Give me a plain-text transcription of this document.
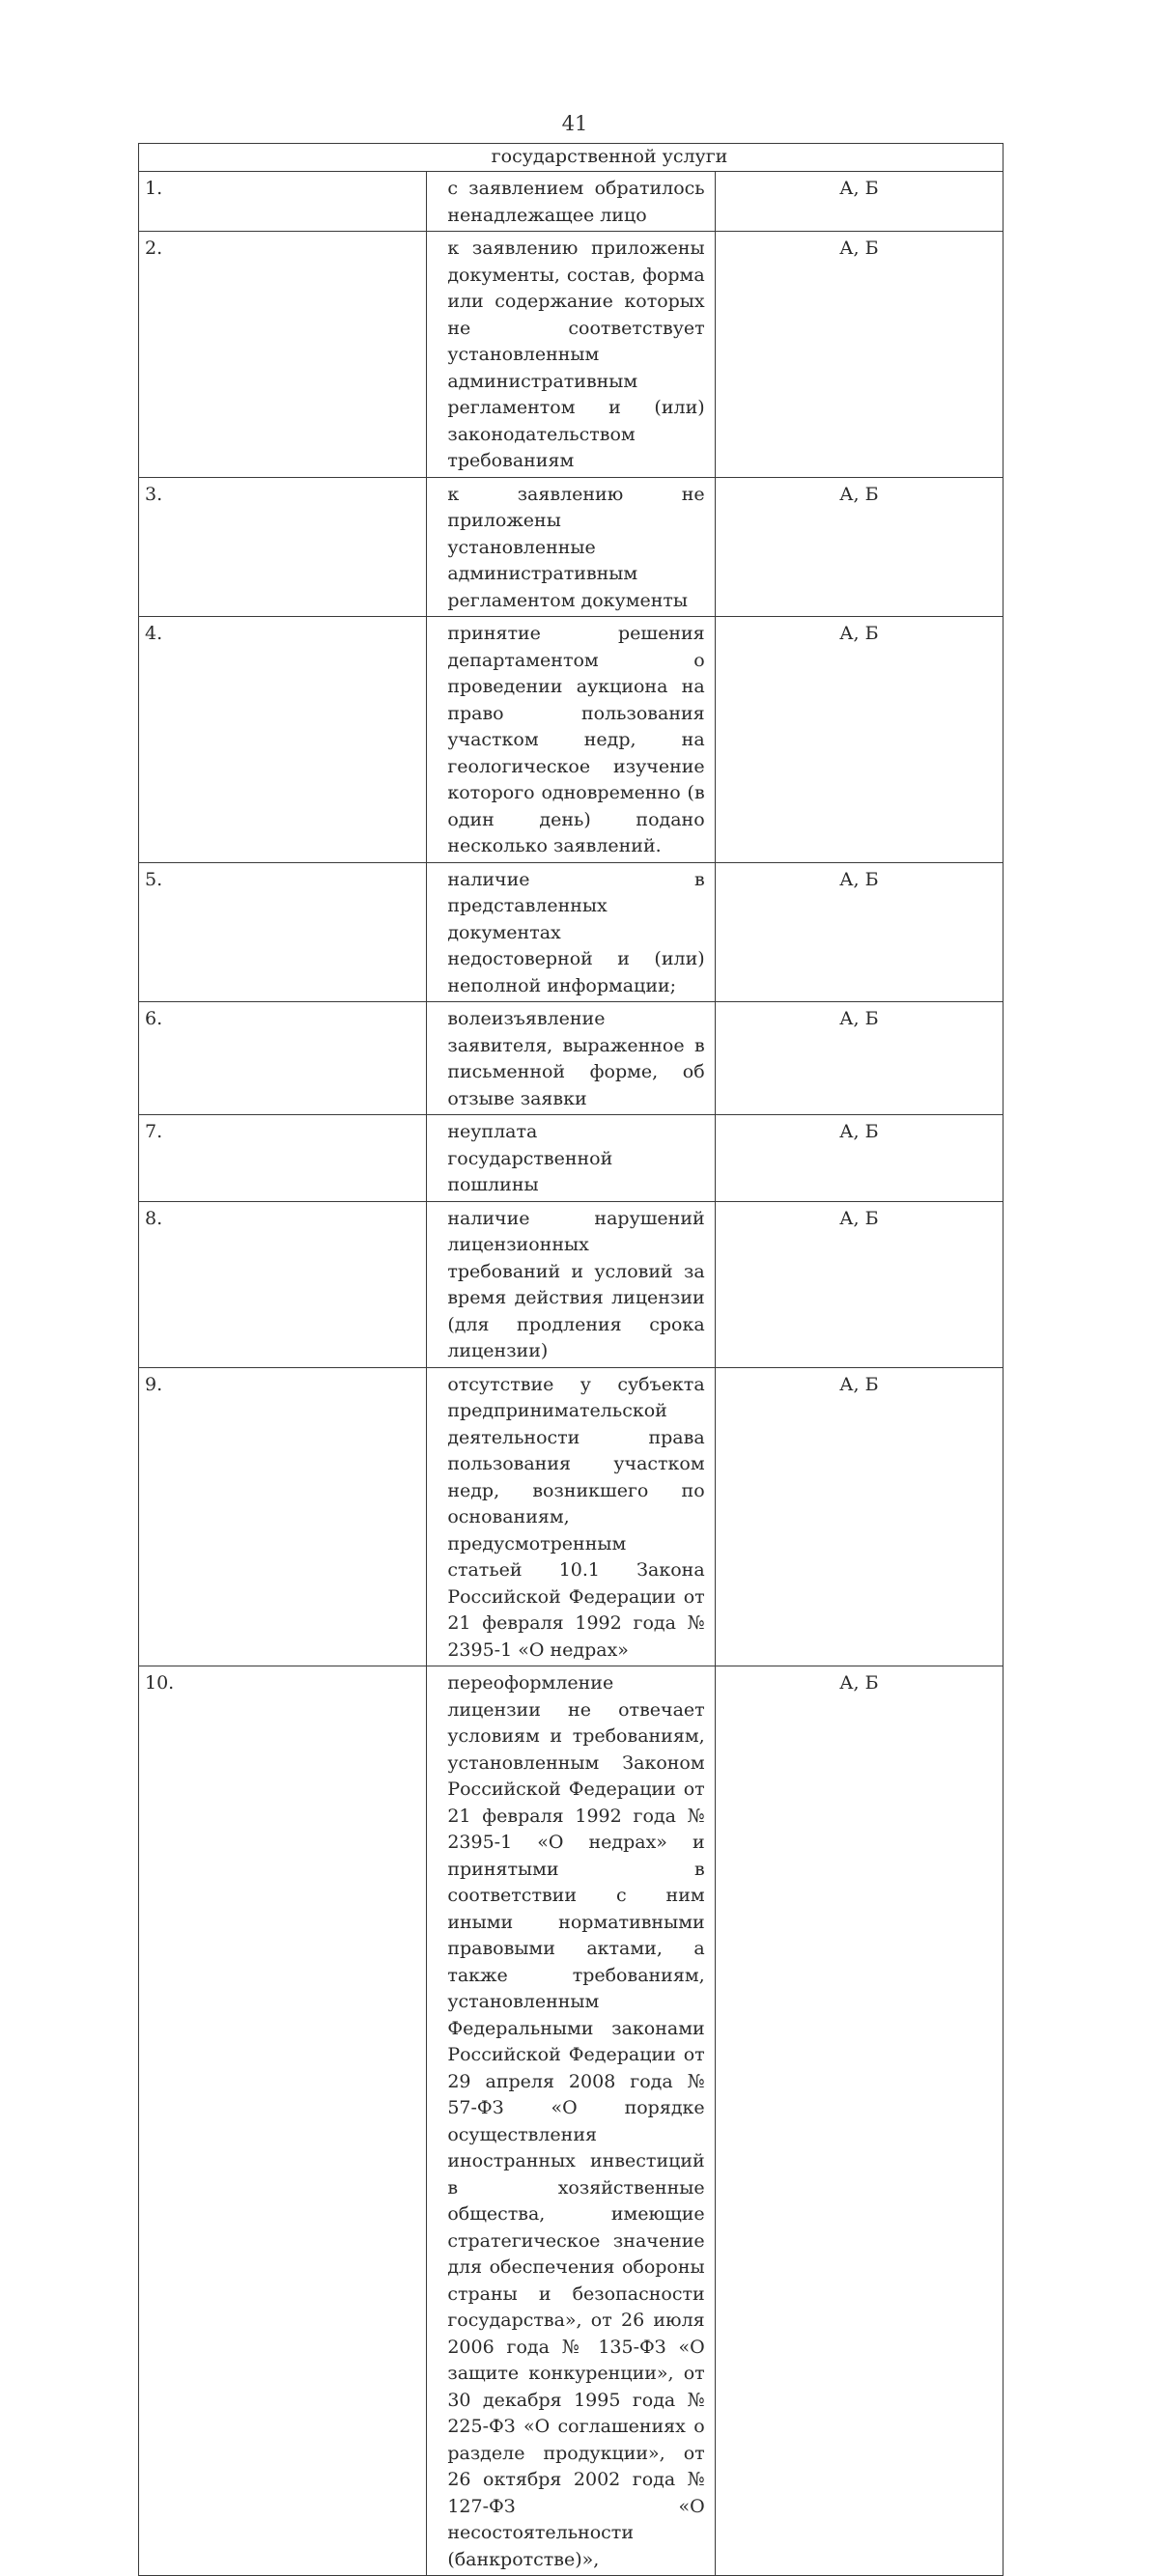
41
государственной услуги		
1.	с заявлением обратилось ненадлежащее лицо	А, Б
2.	к заявлению приложены документы, состав, форма или содержание которых не соответствует установленным административным регламентом и (или) законодательством требованиям	А, Б
3.	к заявлению не приложены установленные административным регламентом документы	А, Б
4.	принятие решения департаментом о проведении аукциона на право пользования участком недр, на геологическое изучение которого одновременно (в один день) подано несколько заявлений.	А, Б
5.	наличие в представленных документах недостоверной и (или) неполной информации;	А, Б
6.	волеизъявление заявителя, выраженное в письменной форме, об отзыве заявки	А, Б
7.	неуплата государственной пошлины	А, Б
8.	наличие нарушений лицензионных требований и условий за время действия лицензии (для продления срока лицензии)	А, Б
9.	отсутствие у субъекта предпринимательской деятельности права пользования участком недр, возникшего по основаниям, предусмотренным статьей 10.1 Закона Российской Федерации от 21 февраля 1992 года № 2395-1 «О недрах»	А, Б
10.	переоформление лицензии не отвечает условиям и требованиям, установленным Законом Российской Федерации от 21 февраля 1992 года № 2395-1 «О недрах» и принятыми в соответствии с ним иными нормативными правовыми актами, а также требованиям, установленным Федеральными законами Российской Федерации от 29 апреля 2008 года № 57-ФЗ «О порядке осуществления иностранных инвестиций в хозяйственные общества, имеющие стратегическое значение для обеспечения обороны страны и безопасности государства», от 26 июля 2006 года № 135-ФЗ «О защите конкуренции», от 30 декабря 1995 года № 225-ФЗ «О соглашениях о разделе продукции», от 26 октября 2002 года № 127-ФЗ «О несостоятельности (банкротстве)»,	А, Б
